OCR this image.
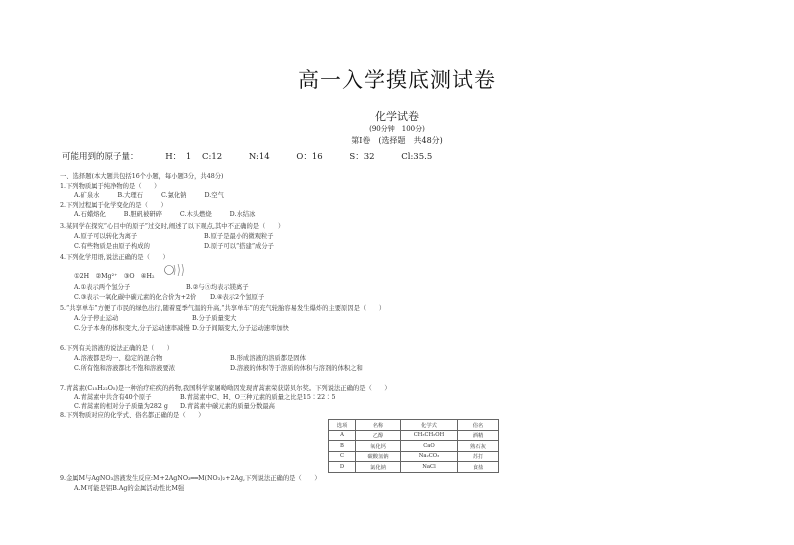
高一入学摸底测试卷
化学试卷
(90分钟　100分)
第Ⅰ卷　(选择题　共48分)
可能用到的原子量：	H： 1 C:12	N:14	O：16	S：32	Cl:35.5
一、选择题(本大题共包括16个小题，每小题3分，共48分)
1.下列物质属于纯净物的是（　　）
A.矿泉水	B.大理石	C.氯化钠	D.空气
2.下列过程属于化学变化的是（　　）
A.石蜡熔化	B.胆矾被研碎	C.木头燃烧	D.水结冰
3.某同学在探究“心目中的原子”过交时,阐述了以下观点,其中不正确的是（　　）
A.原子可以转化为离子	B.原子是最小的微观粒子
C.有些物质是由原子构成的	D.原子可以“搭建”成分子
4.下列化学用语,说法正确的是（　　）
①2H　②Mg²⁺　③O　④H₂
A.①表示两个氢分子	B.②与⑤均表示镁离子
C.③表示一氧化碳中碳元素的化合价为+2价 D.④表示2个氢原子
5.“共享单车”方便了市民的绿色出行,随着夏季气温的升高,“共享单车”的充气轮胎容易发生爆炸的主要原因是（　　）
A.分子停止运动	B.分子质量变大
C.分子本身的体积变大,分子运动速率减慢 D.分子间隔变大,分子运动速率加快
6.下列有关溶液的说法正确的是（　　）
A.溶液都是均一、稳定的混合物	B.形成溶液的溶质都是固体
C.所有饱和溶液都比不饱和溶液要浓	D.溶液的体积等于溶质的体积与溶剂的体积之和
7.青蒿素(C₁₅H₂₂O₅)是一种治疗疟疾的药物,我国科学家屠呦呦因发现青蒿素荣获诺贝尔奖。下列说法正确的是（　　）
A.青蒿素中共含有40个原子	B.青蒿素中C、H、O三种元素的质量之比是15∶22∶5
C.青蒿素的相对分子质量为282 g D.青蒿素中碳元素的质量分数最高
8.下列物质对应的化学式、俗名都正确的是（　　）
选项	名称	化学式	俗名
A	乙醇	CH₃CH₂OH	酒精
B	氧化钙	CaO	熟石灰
C	碳酸氢钠	Na₂CO₃	苏打
D	氯化钠	NaCl	食盐
9.金属M与AgNO₃溶液发生反应:M+2AgNO₃══M(NO₃)₂+2Ag,下列说法正确的是（　　）
A.M可能是铝B.Ag的金属活动性比M强
